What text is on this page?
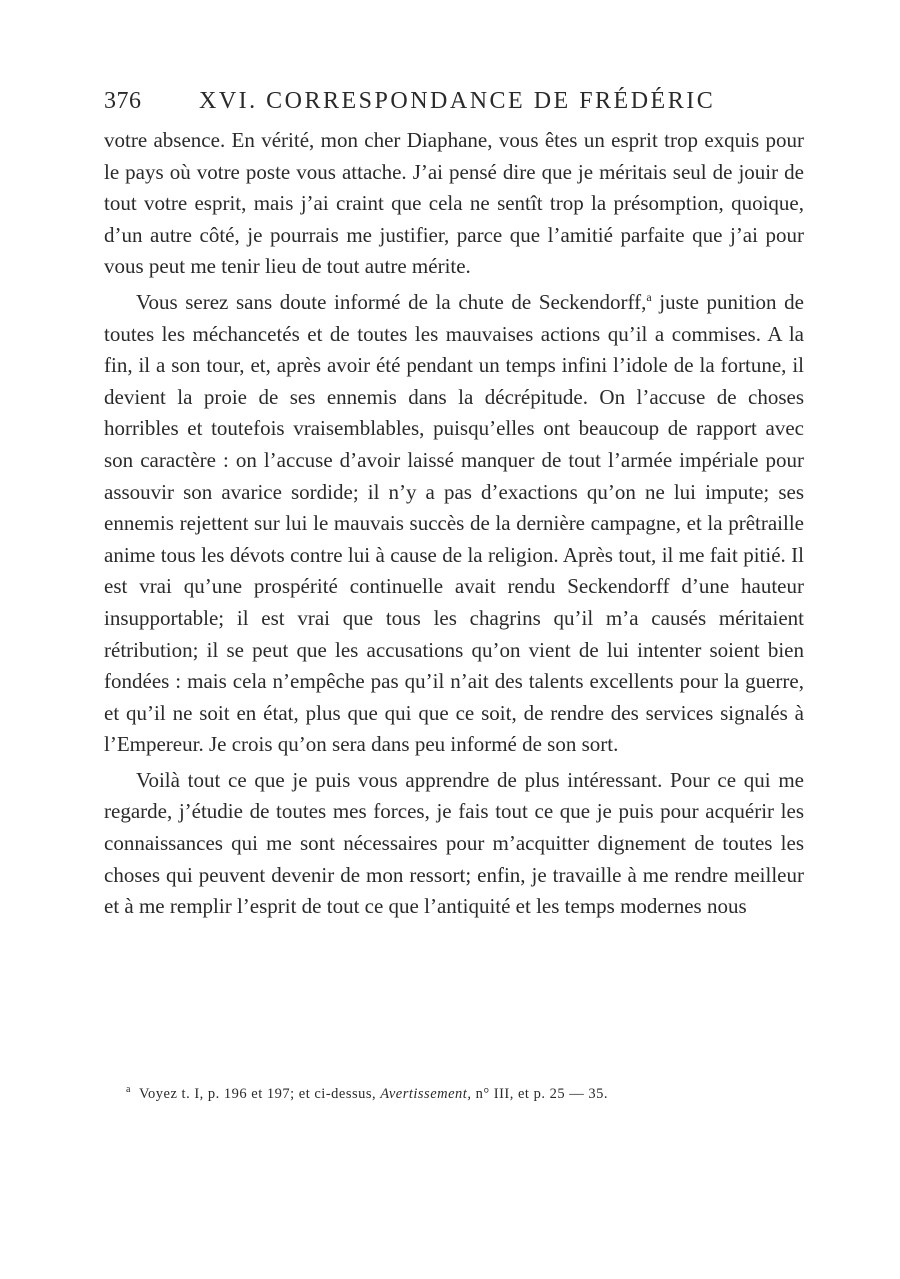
376 XVI. CORRESPONDANCE DE FRÉDÉRIC

votre absence. En vérité, mon cher Diaphane, vous êtes un esprit trop exquis pour le pays où votre poste vous attache. J’ai pensé dire que je méritais seul de jouir de tout votre esprit, mais j’ai craint que cela ne sentît trop la présomption, quoique, d’un autre côté, je pourrais me justifier, parce que l’amitié parfaite que j’ai pour vous peut me tenir lieu de tout autre mérite.

Vous serez sans doute informé de la chute de Seckendorff,$^a$ juste punition de toutes les méchancetés et de toutes les mauvaises actions qu’il a commises. A la fin, il a son tour, et, après avoir été pendant un temps infini l’idole de la fortune, il devient la proie de ses ennemis dans la décrépitude. On l’accuse de choses horribles et toutefois vraisemblables, puisqu’elles ont beaucoup de rapport avec son caractère : on l’accuse d’avoir laissé manquer de tout l’armée impériale pour assouvir son avarice sordide; il n’y a pas d’exactions qu’on ne lui impute; ses ennemis rejettent sur lui le mauvais succès de la dernière campagne, et la prêtraille anime tous les dévots contre lui à cause de la religion. Après tout, il me fait pitié. Il est vrai qu’une prospérité continuelle avait rendu Seckendorff d’une hauteur insupportable; il est vrai que tous les chagrins qu’il m’a causés méritaient rétribution; il se peut que les accusations qu’on vient de lui intenter soient bien fondées : mais cela n’empêche pas qu’il n’ait des talents excellents pour la guerre, et qu’il ne soit en état, plus que qui que ce soit, de rendre des services signalés à l’Empereur. Je crois qu’on sera dans peu informé de son sort.

Voilà tout ce que je puis vous apprendre de plus intéressant. Pour ce qui me regarde, j’étudie de toutes mes forces, je fais tout ce que je puis pour acquérir les connaissances qui me sont nécessaires pour m’acquitter dignement de toutes les choses qui peuvent devenir de mon ressort; enfin, je travaille à me rendre meilleur et à me remplir l’esprit de tout ce que l’antiquité et les temps modernes nous

$^a$ Voyez t. I, p. 196 et 197; et ci-dessus, Avertissement, n° III, et p. 25 — 35.
